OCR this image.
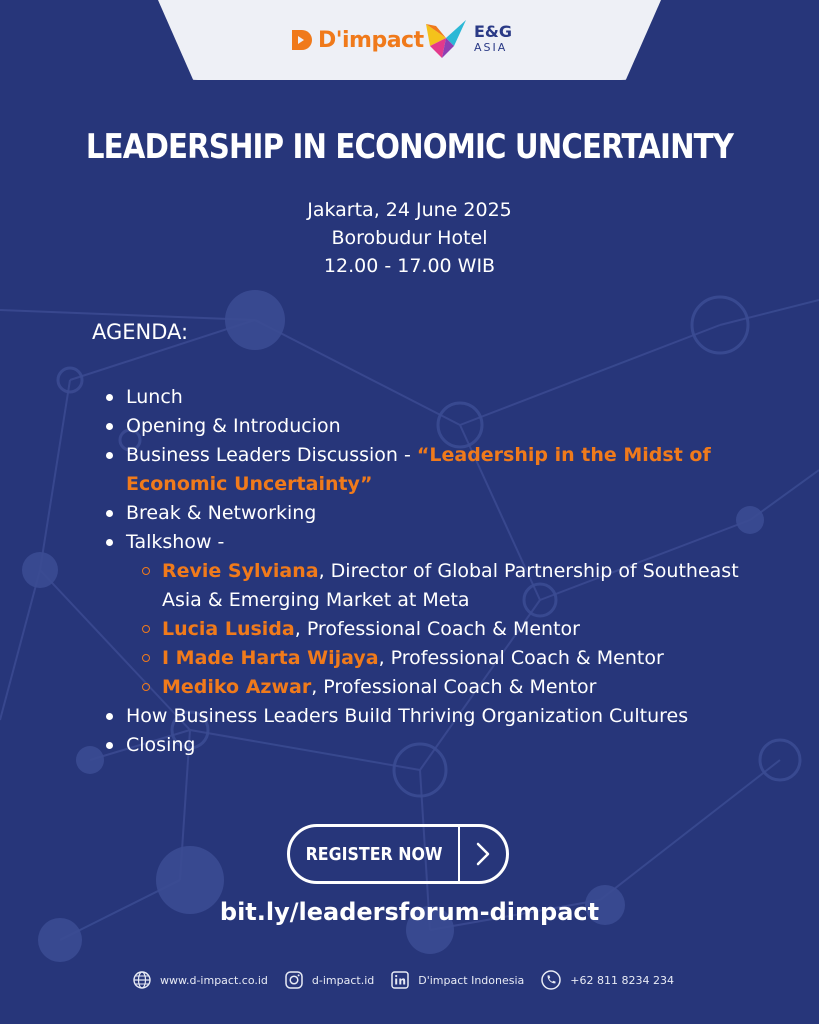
D'impact	E&G
ASIA
LEADERSHIP IN ECONOMIC UNCERTAINTY
Jakarta, 24 June 2025
Borobudur Hotel
12.00 - 17.00 WIB
AGENDA:
Lunch
Opening & Introducion
Business Leaders Discussion - “Leadership in the Midst of Economic Uncertainty”
Break & Networking
Talkshow -
Revie Sylviana, Director of Global Partnership of Southeast Asia & Emerging Market at Meta
Lucia Lusida, Professional Coach & Mentor
I Made Harta Wijaya, Professional Coach & Mentor
Mediko Azwar, Professional Coach & Mentor
How Business Leaders Build Thriving Organization Cultures
Closing
REGISTER NOW
bit.ly/leadersforum-dimpact
www.d-impact.co.id	d-impact.id	D'impact Indonesia	+62 811 8234 234
